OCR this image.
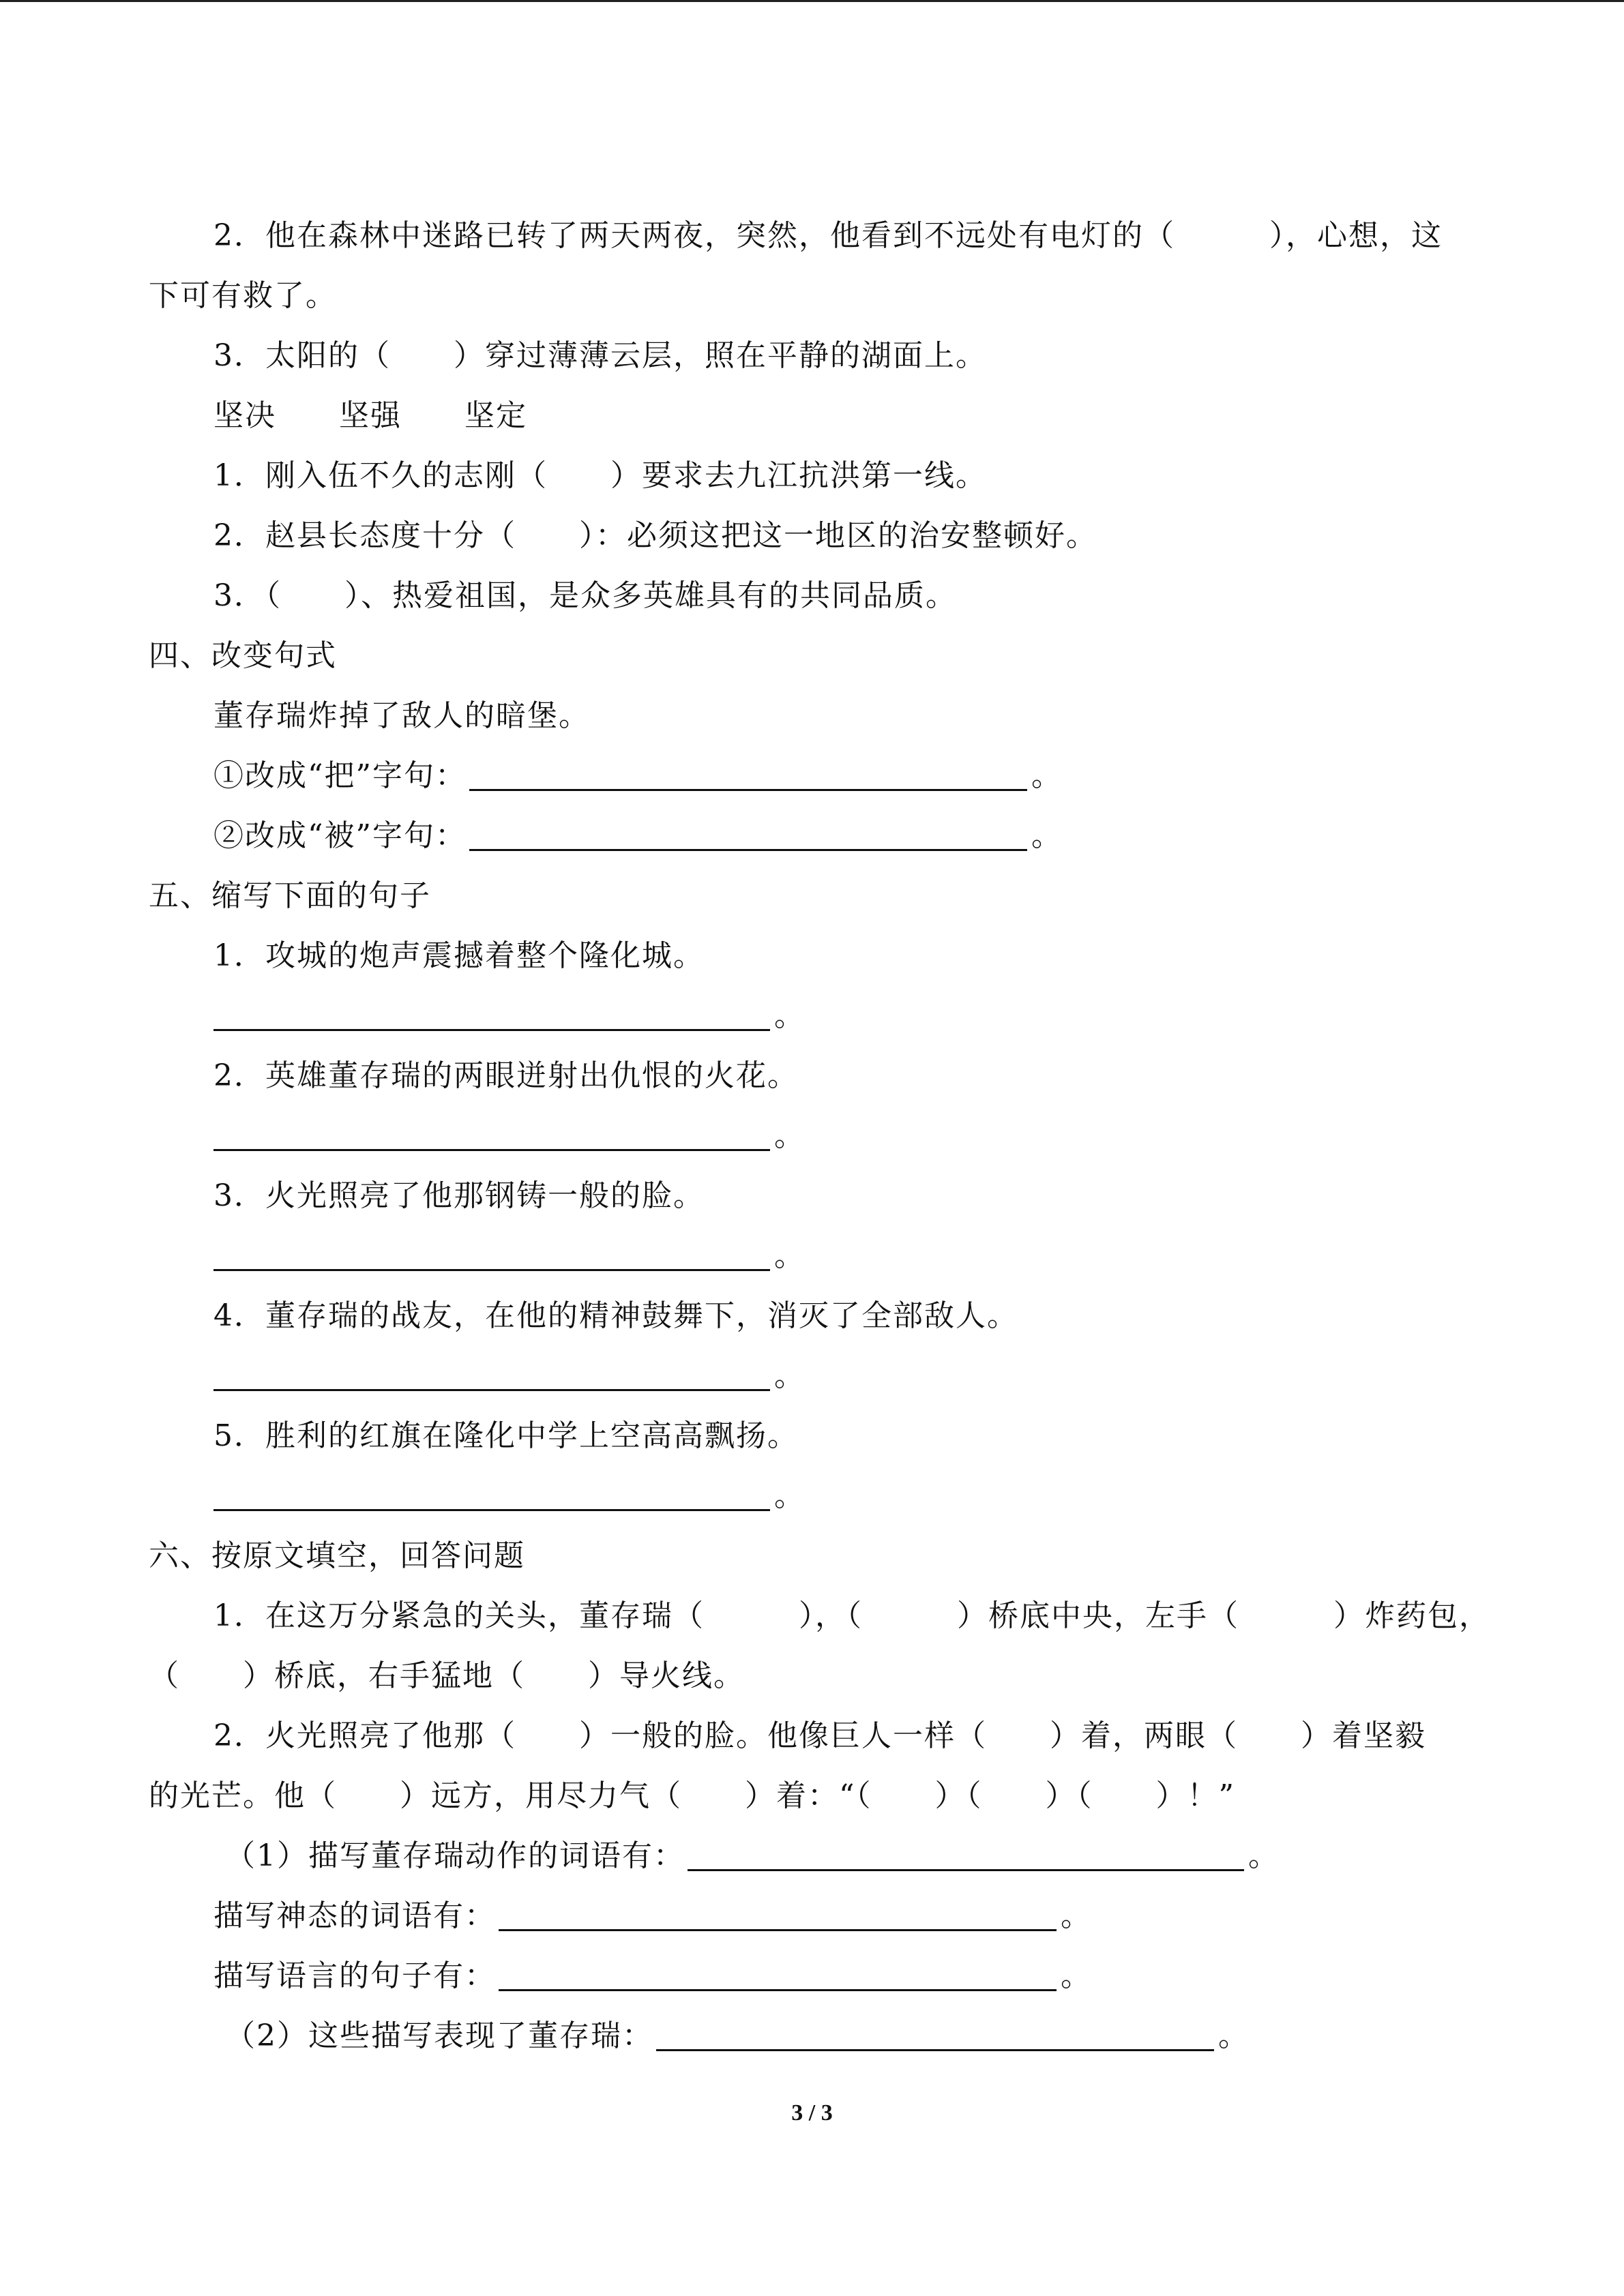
2．他在森林中迷路已转了两天两夜，突然，他看到不远处有电灯的（　　　），心想，这
下可有救了。
3．太阳的（　　）穿过薄薄云层，照在平静的湖面上。
坚决　　坚强　　坚定
1．刚入伍不久的志刚（　　）要求去九江抗洪第一线。
2．赵县长态度十分（　　）：必须这把这一地区的治安整顿好。
3．（　　）、热爱祖国，是众多英雄具有的共同品质。
四、改变句式
董存瑞炸掉了敌人的暗堡。
①改成“把”字句：	。
②改成“被”字句：	。
五、缩写下面的句子
1．攻城的炮声震撼着整个隆化城。
。
2．英雄董存瑞的两眼迸射出仇恨的火花。
。
3．火光照亮了他那钢铸一般的脸。
。
4．董存瑞的战友，在他的精神鼓舞下，消灭了全部敌人。
。
5．胜利的红旗在隆化中学上空高高飘扬。
。
六、按原文填空，回答问题
1．在这万分紧急的关头，董存瑞（　　　），（　　　）桥底中央，左手（　　　）炸药包，
（　　）桥底，右手猛地（　　）导火线。
2．火光照亮了他那（　　）一般的脸。他像巨人一样（　　）着，两眼（　　）着坚毅
的光芒。他（　　）远方，用尽力气（　　）着：“（　　）（　　）（　　）！”
（1）描写董存瑞动作的词语有：	。
描写神态的词语有：	。
描写语言的句子有：	。
（2）这些描写表现了董存瑞：	。
3 / 3
